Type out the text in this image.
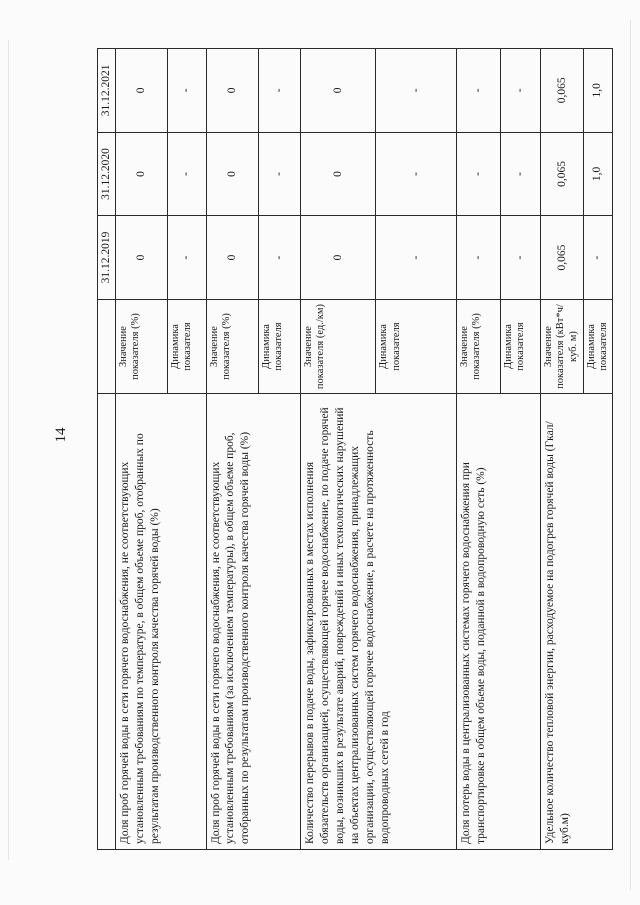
14
		31.12.2019	31.12.2020	31.12.2021
Доля проб горячей воды в сети горячего водоснабжения, не соответствующих установленным требованиям по температуре, в общем объеме проб, отобранных по результатам производственного контроля качества горячей воды (%)	Значение показателя (%)	0	0	0
	Динамика показателя	-	-	-
Доля проб горячей воды в сети горячего водоснабжения, не соответствующих установленным требованиям (за исключением температуры), в общем объеме проб, отобранных по результатам производственного контроля качества горячей воды (%)	Значение показателя (%)	0	0	0
	Динамика показателя	-	-	-
Количество перерывов в подаче воды, зафиксированных в местах исполнения обязательств организацией, осуществляющей горячее водоснабжение, по подаче горячей воды, возникших в результате аварий, повреждений и иных технологических нарушений на объектах централизованных систем горячего водоснабжения, принадлежащих организации, осуществляющей горячее водоснабжение, в расчете на протяженность водопроводных сетей в год	Значение показателя (ед./км)	0	0	0
	Динамика показателя	-	-	-
Доля потерь воды в централизованных системах горячего водоснабжения при транспортировке в общем объеме воды, поданной в водопроводную сеть (%)	Значение показателя (%)	-	-	-
	Динамика показателя	-	-	-
Удельное количество тепловой энергии, расходуемое на подогрев горячей воды (Гкал/куб.м)	Значение показателя (кВт*ч/куб. м)	0,065	0,065	0,065
	Динамика показателя	-	1,0	1,0
